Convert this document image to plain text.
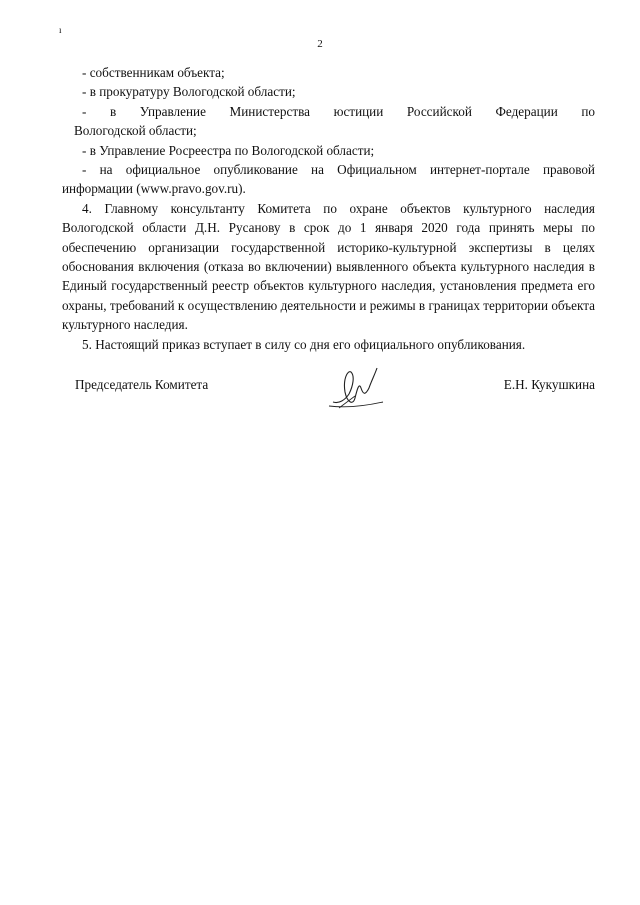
ı
2

- собственникам объекта;

- в прокуратуру Вологодской области;

- в Управление Министерства юстиции Российской Федерации по

Вологодской области;

- в Управление Росреестра по Вологодской области;

- на официальное опубликование на Официальном интернет-портале правовой информации (www.pravo.gov.ru).

4. Главному консультанту Комитета по охране объектов культурного наследия Вологодской области Д.Н. Русанову в срок до 1 января 2020 года принять меры по обеспечению организации государственной историко-культурной экспертизы в целях обоснования включения (отказа во включении) выявленного объекта культурного наследия в Единый государственный реестр объектов культурного наследия, установления предмета его охраны, требований к осуществлению деятельности и режимы в границах территории объекта культурного наследия.

5. Настоящий приказ вступает в силу со дня его официального опубликования.

Председатель Комитета	Е.Н. Кукушкина
